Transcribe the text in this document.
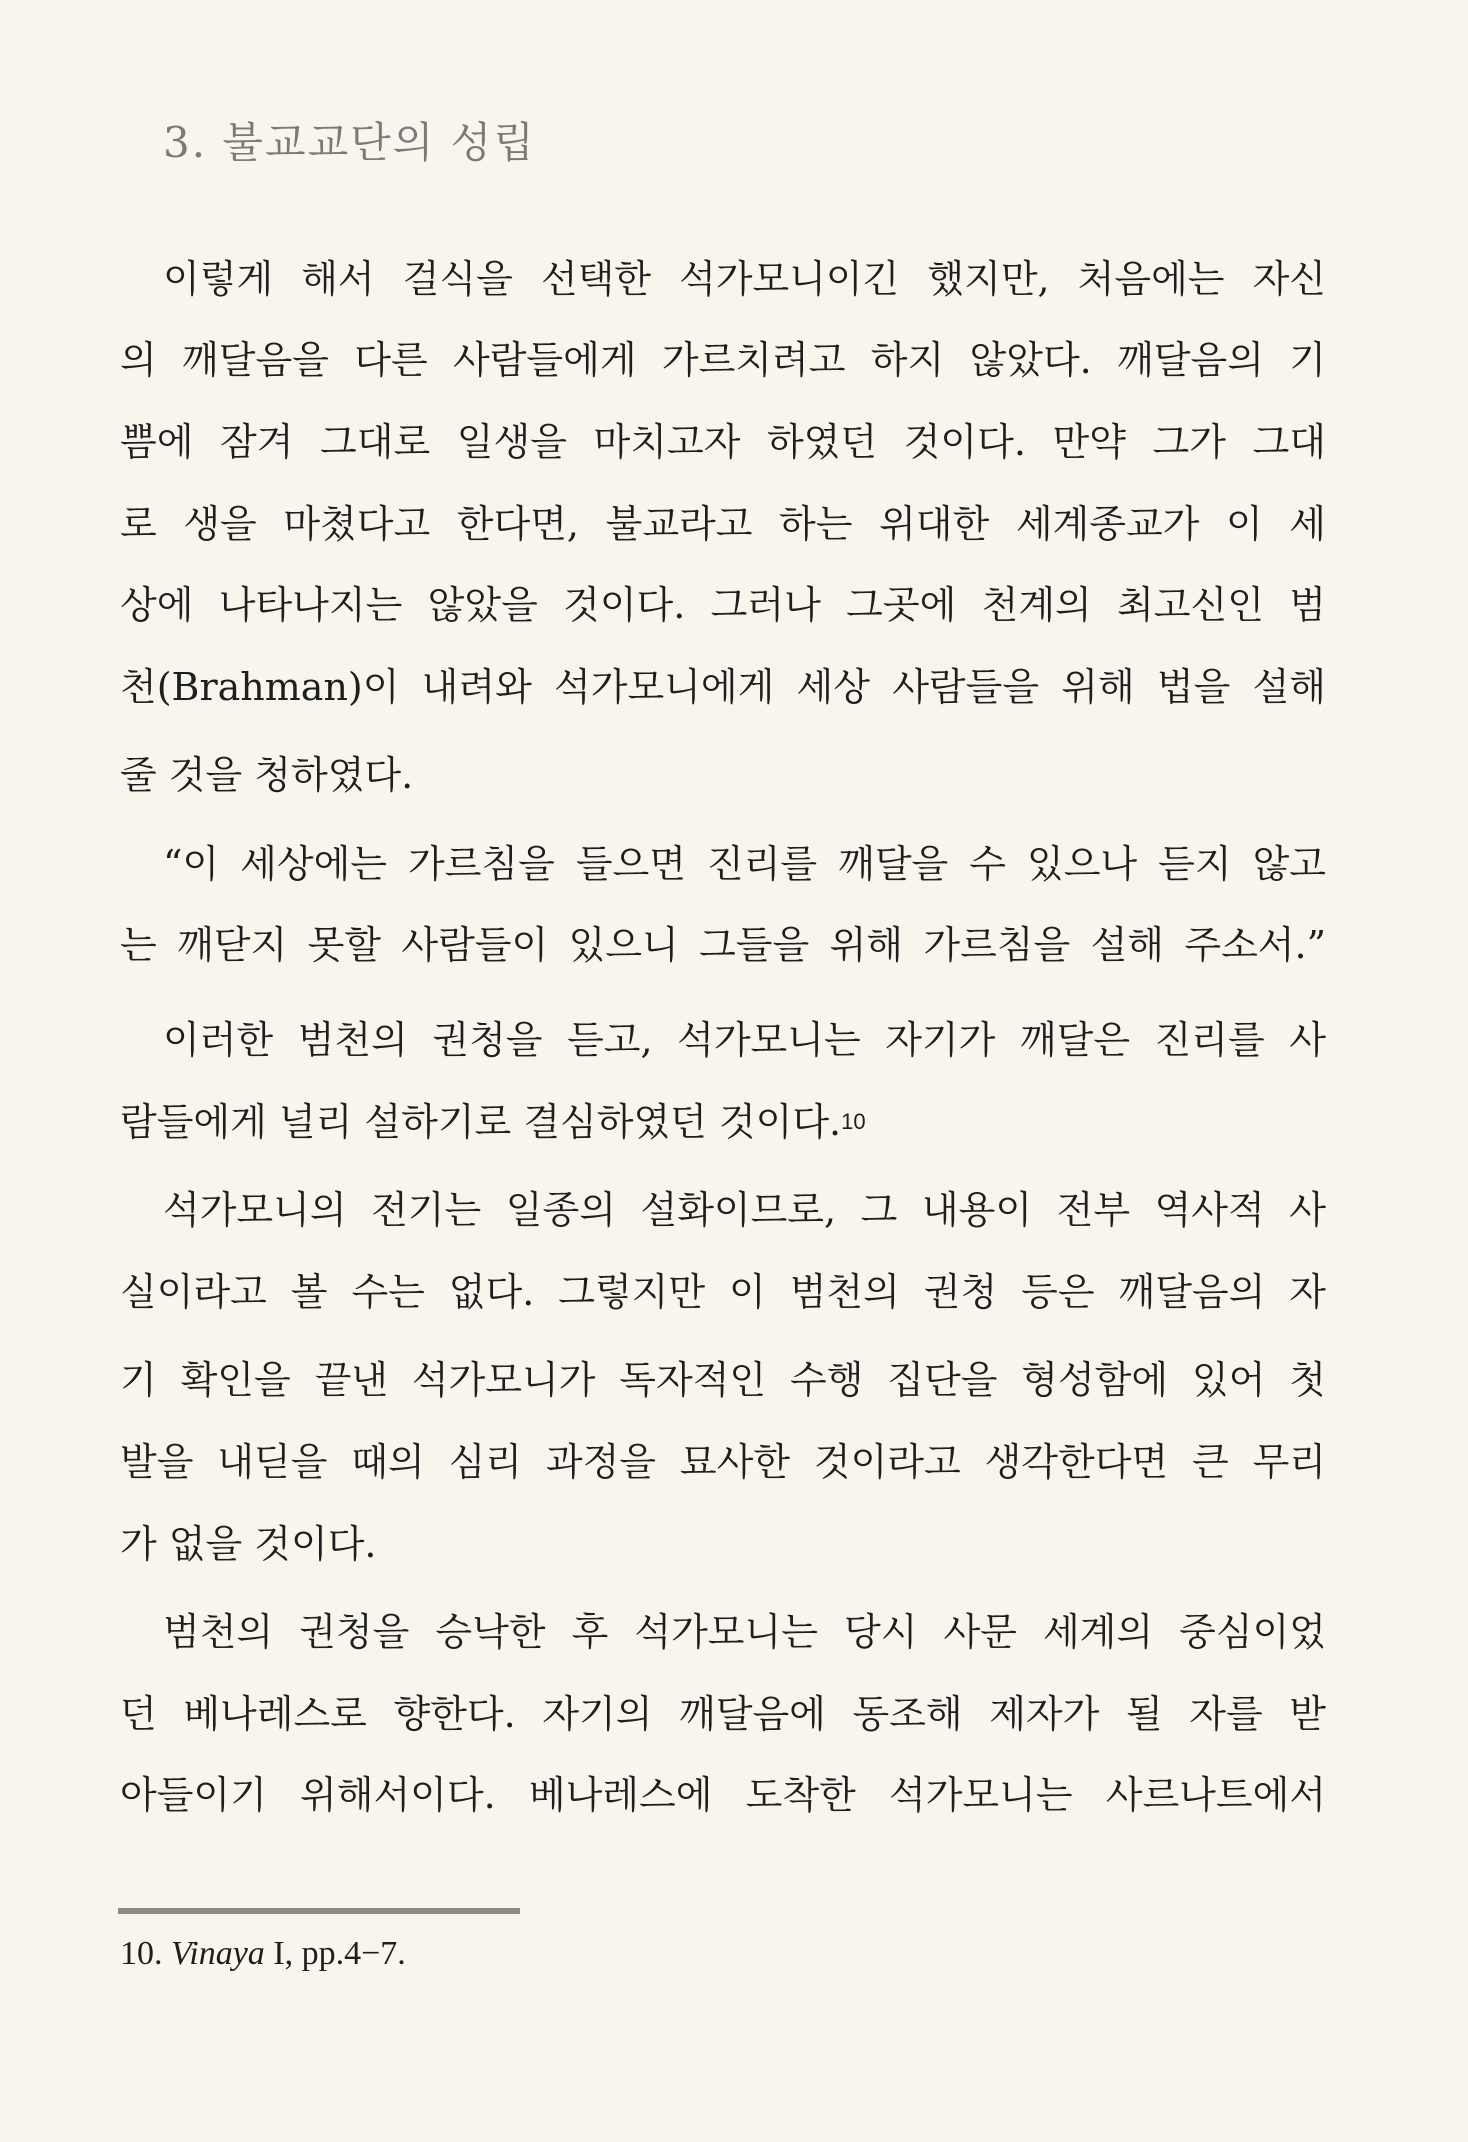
3. 불교교단의 성립
이렇게 해서 걸식을 선택한 석가모니이긴 했지만, 처음에는 자신
의 깨달음을 다른 사람들에게 가르치려고 하지 않았다. 깨달음의 기
쁨에 잠겨 그대로 일생을 마치고자 하였던 것이다. 만약 그가 그대
로 생을 마쳤다고 한다면, 불교라고 하는 위대한 세계종교가 이 세
상에 나타나지는 않았을 것이다. 그러나 그곳에 천계의 최고신인 범
천(Brahman)이 내려와 석가모니에게 세상 사람들을 위해 법을 설해
줄 것을 청하였다.
“이 세상에는 가르침을 들으면 진리를 깨달을 수 있으나 듣지 않고
는 깨닫지 못할 사람들이 있으니 그들을 위해 가르침을 설해 주소서.”
이러한 범천의 권청을 듣고, 석가모니는 자기가 깨달은 진리를 사
람들에게 널리 설하기로 결심하였던 것이다.$^{10}$
석가모니의 전기는 일종의 설화이므로, 그 내용이 전부 역사적 사
실이라고 볼 수는 없다. 그렇지만 이 범천의 권청 등은 깨달음의 자
기 확인을 끝낸 석가모니가 독자적인 수행 집단을 형성함에 있어 첫
발을 내딛을 때의 심리 과정을 묘사한 것이라고 생각한다면 큰 무리
가 없을 것이다.
범천의 권청을 승낙한 후 석가모니는 당시 사문 세계의 중심이었
던 베나레스로 향한다. 자기의 깨달음에 동조해 제자가 될 자를 받
아들이기 위해서이다. 베나레스에 도착한 석가모니는 사르나트에서
10. Vinaya I, pp.4−7.
